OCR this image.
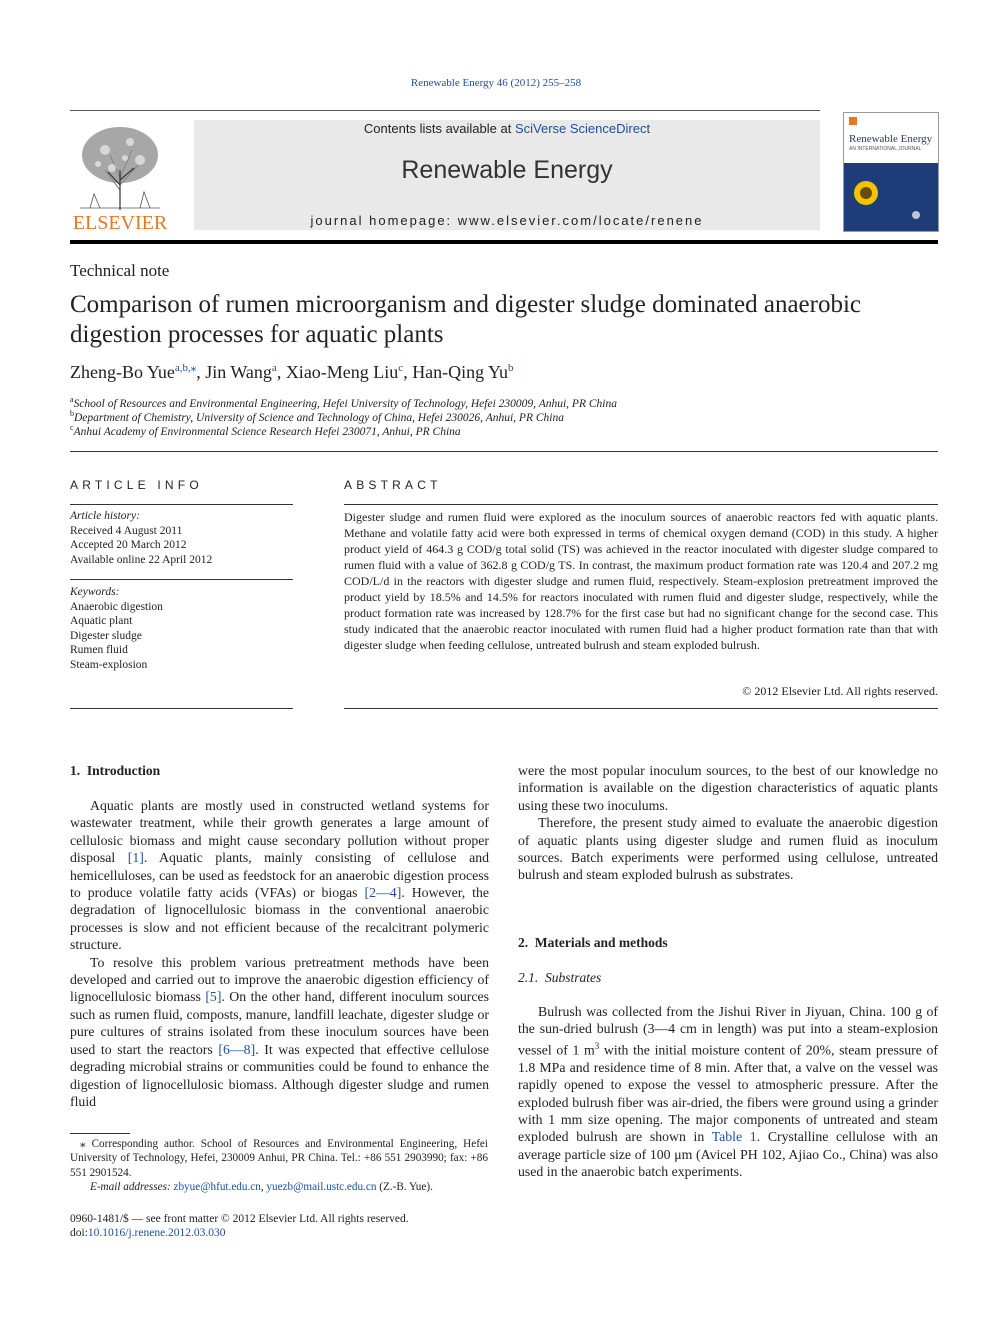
Renewable Energy 46 (2012) 255–258
ELSEVIER
Contents lists available at SciVerse ScienceDirect
Renewable Energy
journal homepage: www.elsevier.com/locate/renene
Renewable Energy
AN INTERNATIONAL JOURNAL
Technical note
Comparison of rumen microorganism and digester sludge dominated anaerobic digestion processes for aquatic plants
Zheng-Bo Yue$^{a,b,⁎}$, Jin Wang$^a$, Xiao-Meng Liu$^c$, Han-Qing Yu$^b$
$^a$School of Resources and Environmental Engineering, Hefei University of Technology, Hefei 230009, Anhui, PR China
$^b$Department of Chemistry, University of Science and Technology of China, Hefei 230026, Anhui, PR China
$^c$Anhui Academy of Environmental Science Research Hefei 230071, Anhui, PR China
ARTICLE INFO
Article history:
Received 4 August 2011
Accepted 20 March 2012
Available online 22 April 2012
Keywords:
Anaerobic digestion
Aquatic plant
Digester sludge
Rumen fluid
Steam-explosion
ABSTRACT
Digester sludge and rumen fluid were explored as the inoculum sources of anaerobic reactors fed with aquatic plants. Methane and volatile fatty acid were both expressed in terms of chemical oxygen demand (COD) in this study. A higher product yield of 464.3 g COD/g total solid (TS) was achieved in the reactor inoculated with digester sludge compared to rumen fluid with a value of 362.8 g COD/g TS. In contrast, the maximum product formation rate was 120.4 and 207.2 mg COD/L/d in the reactors with digester sludge and rumen fluid, respectively. Steam-explosion pretreatment improved the product yield by 18.5% and 14.5% for reactors inoculated with rumen fluid and digester sludge, respectively, while the product formation rate was increased by 128.7% for the first case but had no significant change for the second case. This study indicated that the anaerobic reactor inoculated with rumen fluid had a higher product formation rate than that with digester sludge when feeding cellulose, untreated bulrush and steam exploded bulrush.
© 2012 Elsevier Ltd. All rights reserved.
1. Introduction

Aquatic plants are mostly used in constructed wetland systems for wastewater treatment, while their growth generates a large amount of cellulosic biomass and might cause secondary pollution without proper disposal [1]. Aquatic plants, mainly consisting of cellulose and hemicelluloses, can be used as feedstock for an anaerobic digestion process to produce volatile fatty acids (VFAs) or biogas [2—4]. However, the degradation of lignocellulosic biomass in the conventional anaerobic processes is slow and not efficient because of the recalcitrant polymeric structure.

To resolve this problem various pretreatment methods have been developed and carried out to improve the anaerobic digestion efficiency of lignocellulosic biomass [5]. On the other hand, different inoculum sources such as rumen fluid, composts, manure, landfill leachate, digester sludge or pure cultures of strains isolated from these inoculum sources have been used to start the reactors [6—8]. It was expected that effective cellulose degrading microbial strains or communities could be found to enhance the digestion of lignocellulosic biomass. Although digester sludge and rumen fluid

were the most popular inoculum sources, to the best of our knowledge no information is available on the digestion characteristics of aquatic plants using these two inoculums.

Therefore, the present study aimed to evaluate the anaerobic digestion of aquatic plants using digester sludge and rumen fluid as inoculum sources. Batch experiments were performed using cellulose, untreated bulrush and steam exploded bulrush as substrates.

2. Materials and methods
2.1. Substrates

Bulrush was collected from the Jishui River in Jiyuan, China. 100 g of the sun-dried bulrush (3—4 cm in length) was put into a steam-explosion vessel of 1 $m^3$ with the initial moisture content of 20%, steam pressure of 1.8 MPa and residence time of 8 min. After that, a valve on the vessel was rapidly opened to expose the vessel to atmospheric pressure. After the exploded bulrush fiber was air-dried, the fibers were ground using a grinder with 1 mm size opening. The major components of untreated and steam exploded bulrush are shown in Table 1. Crystalline cellulose with an average particle size of 100 μm (Avicel PH 102, Ajiao Co., China) was also used in the anaerobic batch experiments.

⁎ Corresponding author. School of Resources and Environmental Engineering, Hefei University of Technology, Hefei, 230009 Anhui, PR China. Tel.: +86 551 2903990; fax: +86 551 2901524.
E-mail addresses: zbyue@hfut.edu.cn, yuezb@mail.ustc.edu.cn (Z.-B. Yue).
0960-1481/$ — see front matter © 2012 Elsevier Ltd. All rights reserved.
doi:10.1016/j.renene.2012.03.030
